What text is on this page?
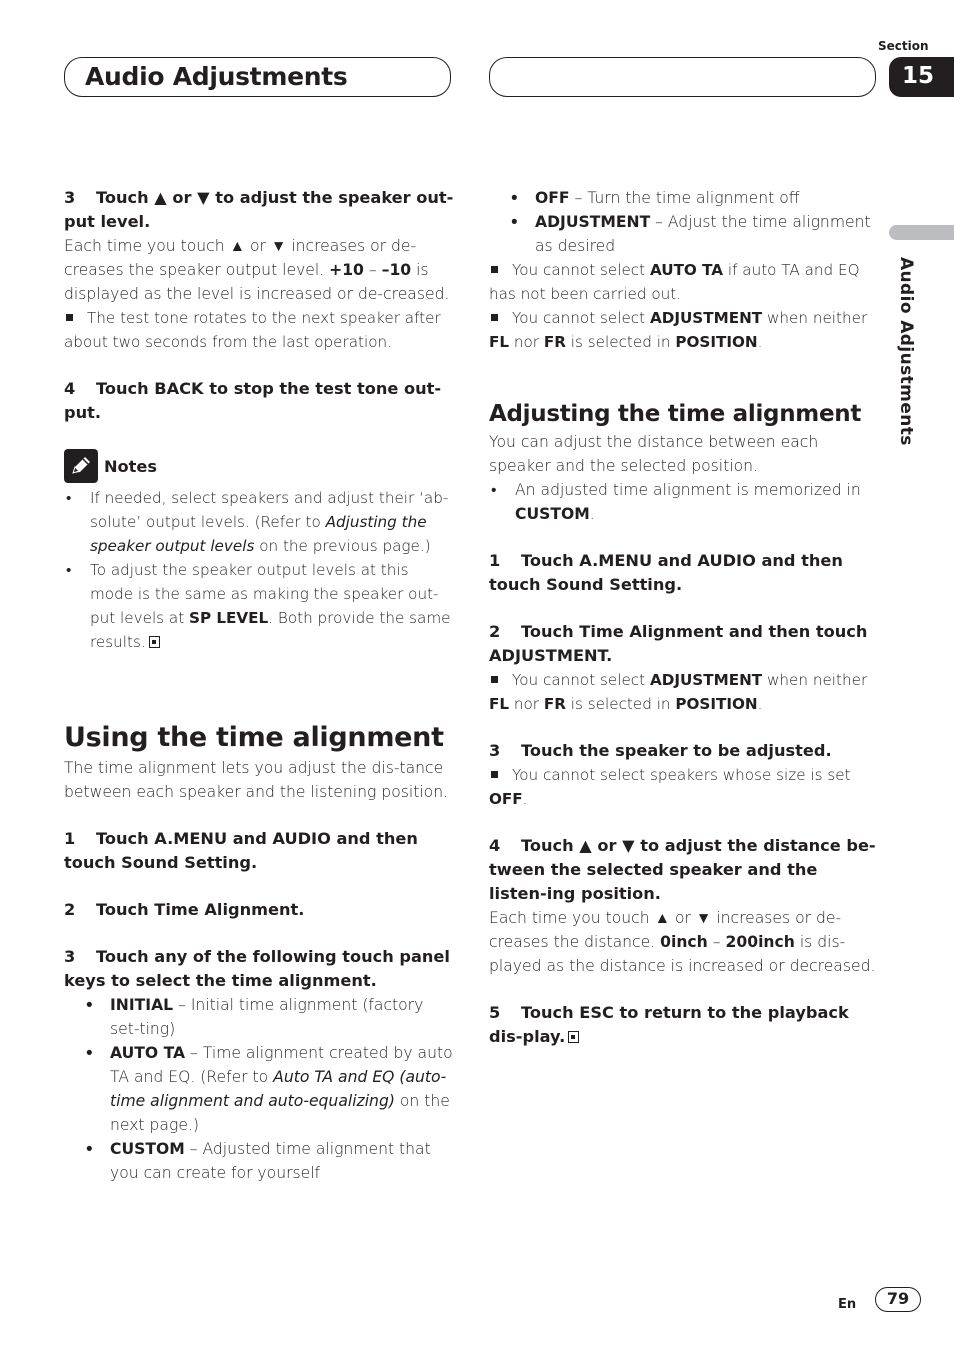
Audio Adjustments
Section
15
Audio Adjustments

3 Touch ▲ or ▼ to adjust the speaker out-put level.

Each time you touch ▲ or ▼ increases or de-creases the speaker output level. +10 – –10 is displayed as the level is increased or de-creased.

The test tone rotates to the next speaker after about two seconds from the last operation.

4 Touch BACK to stop the test tone out-put.

Notes
• If needed, select speakers and adjust their ‘ab-solute’ output levels. (Refer to Adjusting the speaker output levels on the previous page.)
• To adjust the speaker output levels at this mode is the same as making the speaker out-put levels at SP LEVEL. Both provide the same results.
Using the time alignment

The time alignment lets you adjust the dis-tance between each speaker and the listening position.

1 Touch A.MENU and AUDIO and then touch Sound Setting.

2 Touch Time Alignment.

3 Touch any of the following touch panel keys to select the time alignment.

• INITIAL – Initial time alignment (factory set-ting)
• AUTO TA – Time alignment created by auto TA and EQ. (Refer to Auto TA and EQ (auto-time alignment and auto-equalizing) on the next page.)
• CUSTOM – Adjusted time alignment that you can create for yourself
• OFF – Turn the time alignment off
• ADJUSTMENT – Adjust the time alignment as desired

You cannot select AUTO TA if auto TA and EQ has not been carried out.

You cannot select ADJUSTMENT when neither FL nor FR is selected in POSITION.

Adjusting the time alignment

You can adjust the distance between each speaker and the selected position.

• An adjusted time alignment is memorized in CUSTOM.

1 Touch A.MENU and AUDIO and then touch Sound Setting.

2 Touch Time Alignment and then touch ADJUSTMENT.

You cannot select ADJUSTMENT when neither FL nor FR is selected in POSITION.

3 Touch the speaker to be adjusted.

You cannot select speakers whose size is set OFF.

4 Touch ▲ or ▼ to adjust the distance be-tween the selected speaker and the listen-ing position.

Each time you touch ▲ or ▼ increases or de-creases the distance. 0inch – 200inch is dis-played as the distance is increased or decreased.

5 Touch ESC to return to the playback dis-play.

En	79
